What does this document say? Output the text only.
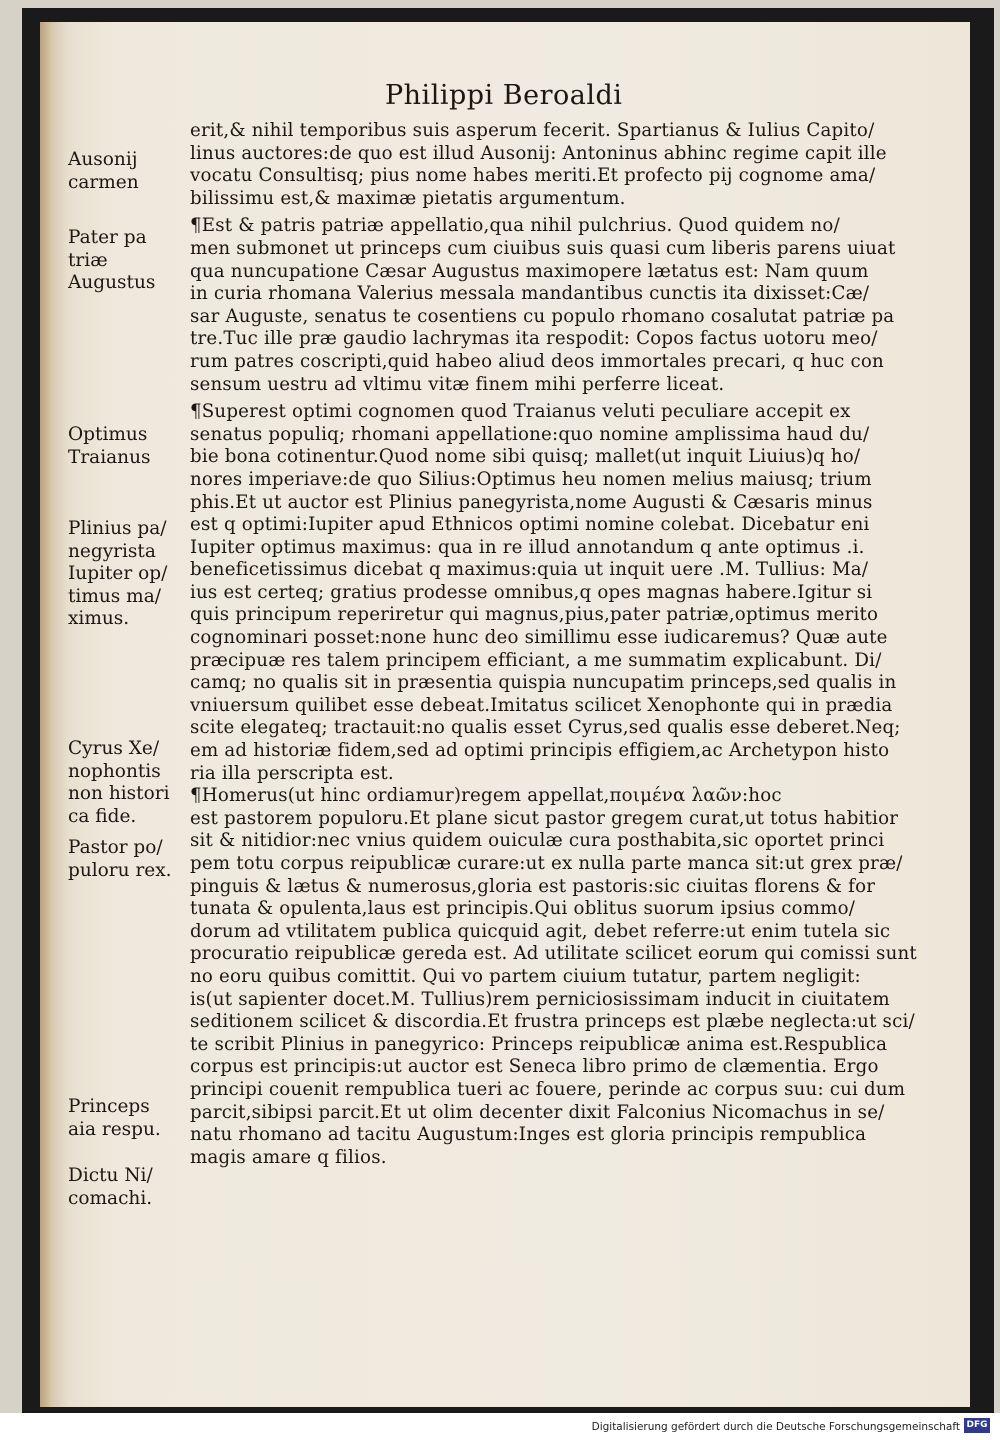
Philippi Beroaldi
erit,& nihil temporibus suis asperum fecerit. Spartianus & Iulius Capito/
linus auctores:de quo est illud Ausonij: Antoninus abhinc regime capit ille
vocatu Consultisq; pius nome habes meriti.Et profecto pij cognome ama/
bilissimu est,& maximæ pietatis argumentum.
¶Est & patris patriæ appellatio,qua nihil pulchrius. Quod quidem no/
men submonet ut princeps cum ciuibus suis quasi cum liberis parens uiuat
qua nuncupatione Cæsar Augustus maximopere lætatus est: Nam quum
in curia rhomana Valerius messala mandantibus cunctis ita dixisset:Cæ/
sar Auguste, senatus te cosentiens cu populo rhomano cosalutat patriæ pa
tre.Tuc ille præ gaudio lachrymas ita respodit: Copos factus uotoru meo/
rum patres coscripti,quid habeo aliud deos immortales precari, q huc con
sensum uestru ad vltimu vitæ finem mihi perferre liceat.
¶Superest optimi cognomen quod Traianus veluti peculiare accepit ex
senatus populiq; rhomani appellatione:quo nomine amplissima haud du/
bie bona cotinentur.Quod nome sibi quisq; mallet(ut inquit Liuius)q ho/
nores imperiave:de quo Silius:Optimus heu nomen melius maiusq; trium
phis.Et ut auctor est Plinius panegyrista,nome Augusti & Cæsaris minus
est q optimi:Iupiter apud Ethnicos optimi nomine colebat. Dicebatur eni
Iupiter optimus maximus: qua in re illud annotandum q ante optimus .i.
beneficetissimus dicebat q maximus:quia ut inquit uere .M. Tullius: Ma/
ius est certeq; gratius prodesse omnibus,q opes magnas habere.Igitur si
quis principum reperiretur qui magnus,pius,pater patriæ,optimus merito
cognominari posset:none hunc deo simillimu esse iudicaremus? Quæ aute
præcipuæ res talem principem efficiant, a me summatim explicabunt. Di/
camq; no qualis sit in præsentia quispia nuncupatim princeps,sed qualis in
vniuersum quilibet esse debeat.Imitatus scilicet Xenophonte qui in prædia
scite elegateq; tractauit:no qualis esset Cyrus,sed qualis esse deberet.Neq;
em ad historiæ fidem,sed ad optimi principis effigiem,ac Archetypon histo
ria illa perscripta est.
¶Homerus(ut hinc ordiamur)regem appellat,ποιμένα λαῶν:hoc
est pastorem populoru.Et plane sicut pastor gregem curat,ut totus habitior
sit & nitidior:nec vnius quidem ouiculæ cura posthabita,sic oportet princi
pem totu corpus reipublicæ curare:ut ex nulla parte manca sit:ut grex præ/
pinguis & lætus & numerosus,gloria est pastoris:sic ciuitas florens & for
tunata & opulenta,laus est principis.Qui oblitus suorum ipsius commo/
dorum ad vtilitatem publica quicquid agit, debet referre:ut enim tutela sic
procuratio reipublicæ gereda est. Ad utilitate scilicet eorum qui comissi sunt
no eoru quibus comittit. Qui vo partem ciuium tutatur, partem negligit:
is(ut sapienter docet.M. Tullius)rem perniciosissimam inducit in ciuitatem
seditionem scilicet & discordia.Et frustra princeps est plæbe neglecta:ut sci/
te scribit Plinius in panegyrico: Princeps reipublicæ anima est.Respublica
corpus est principis:ut auctor est Seneca libro primo de clæmentia. Ergo
principi couenit rempublica tueri ac fouere, perinde ac corpus suu: cui dum
parcit,sibipsi parcit.Et ut olim decenter dixit Falconius Nicomachus in se/
natu rhomano ad tacitu Augustum:Inges est gloria principis rempublica
magis amare q filios.
Ausonij
carmen
Pater pa
triæ
Augustus
Optimus
Traianus
Plinius pa/
negyrista
Iupiter op/
timus ma/
ximus.
Cyrus Xe/
nophontis
non histori
ca fide.
Pastor po/
puloru rex.
Princeps
aia respu.
Dictu Ni/
comachi.
Digitalisierung gefördert durch die Deutsche Forschungsgemeinschaft DFG
